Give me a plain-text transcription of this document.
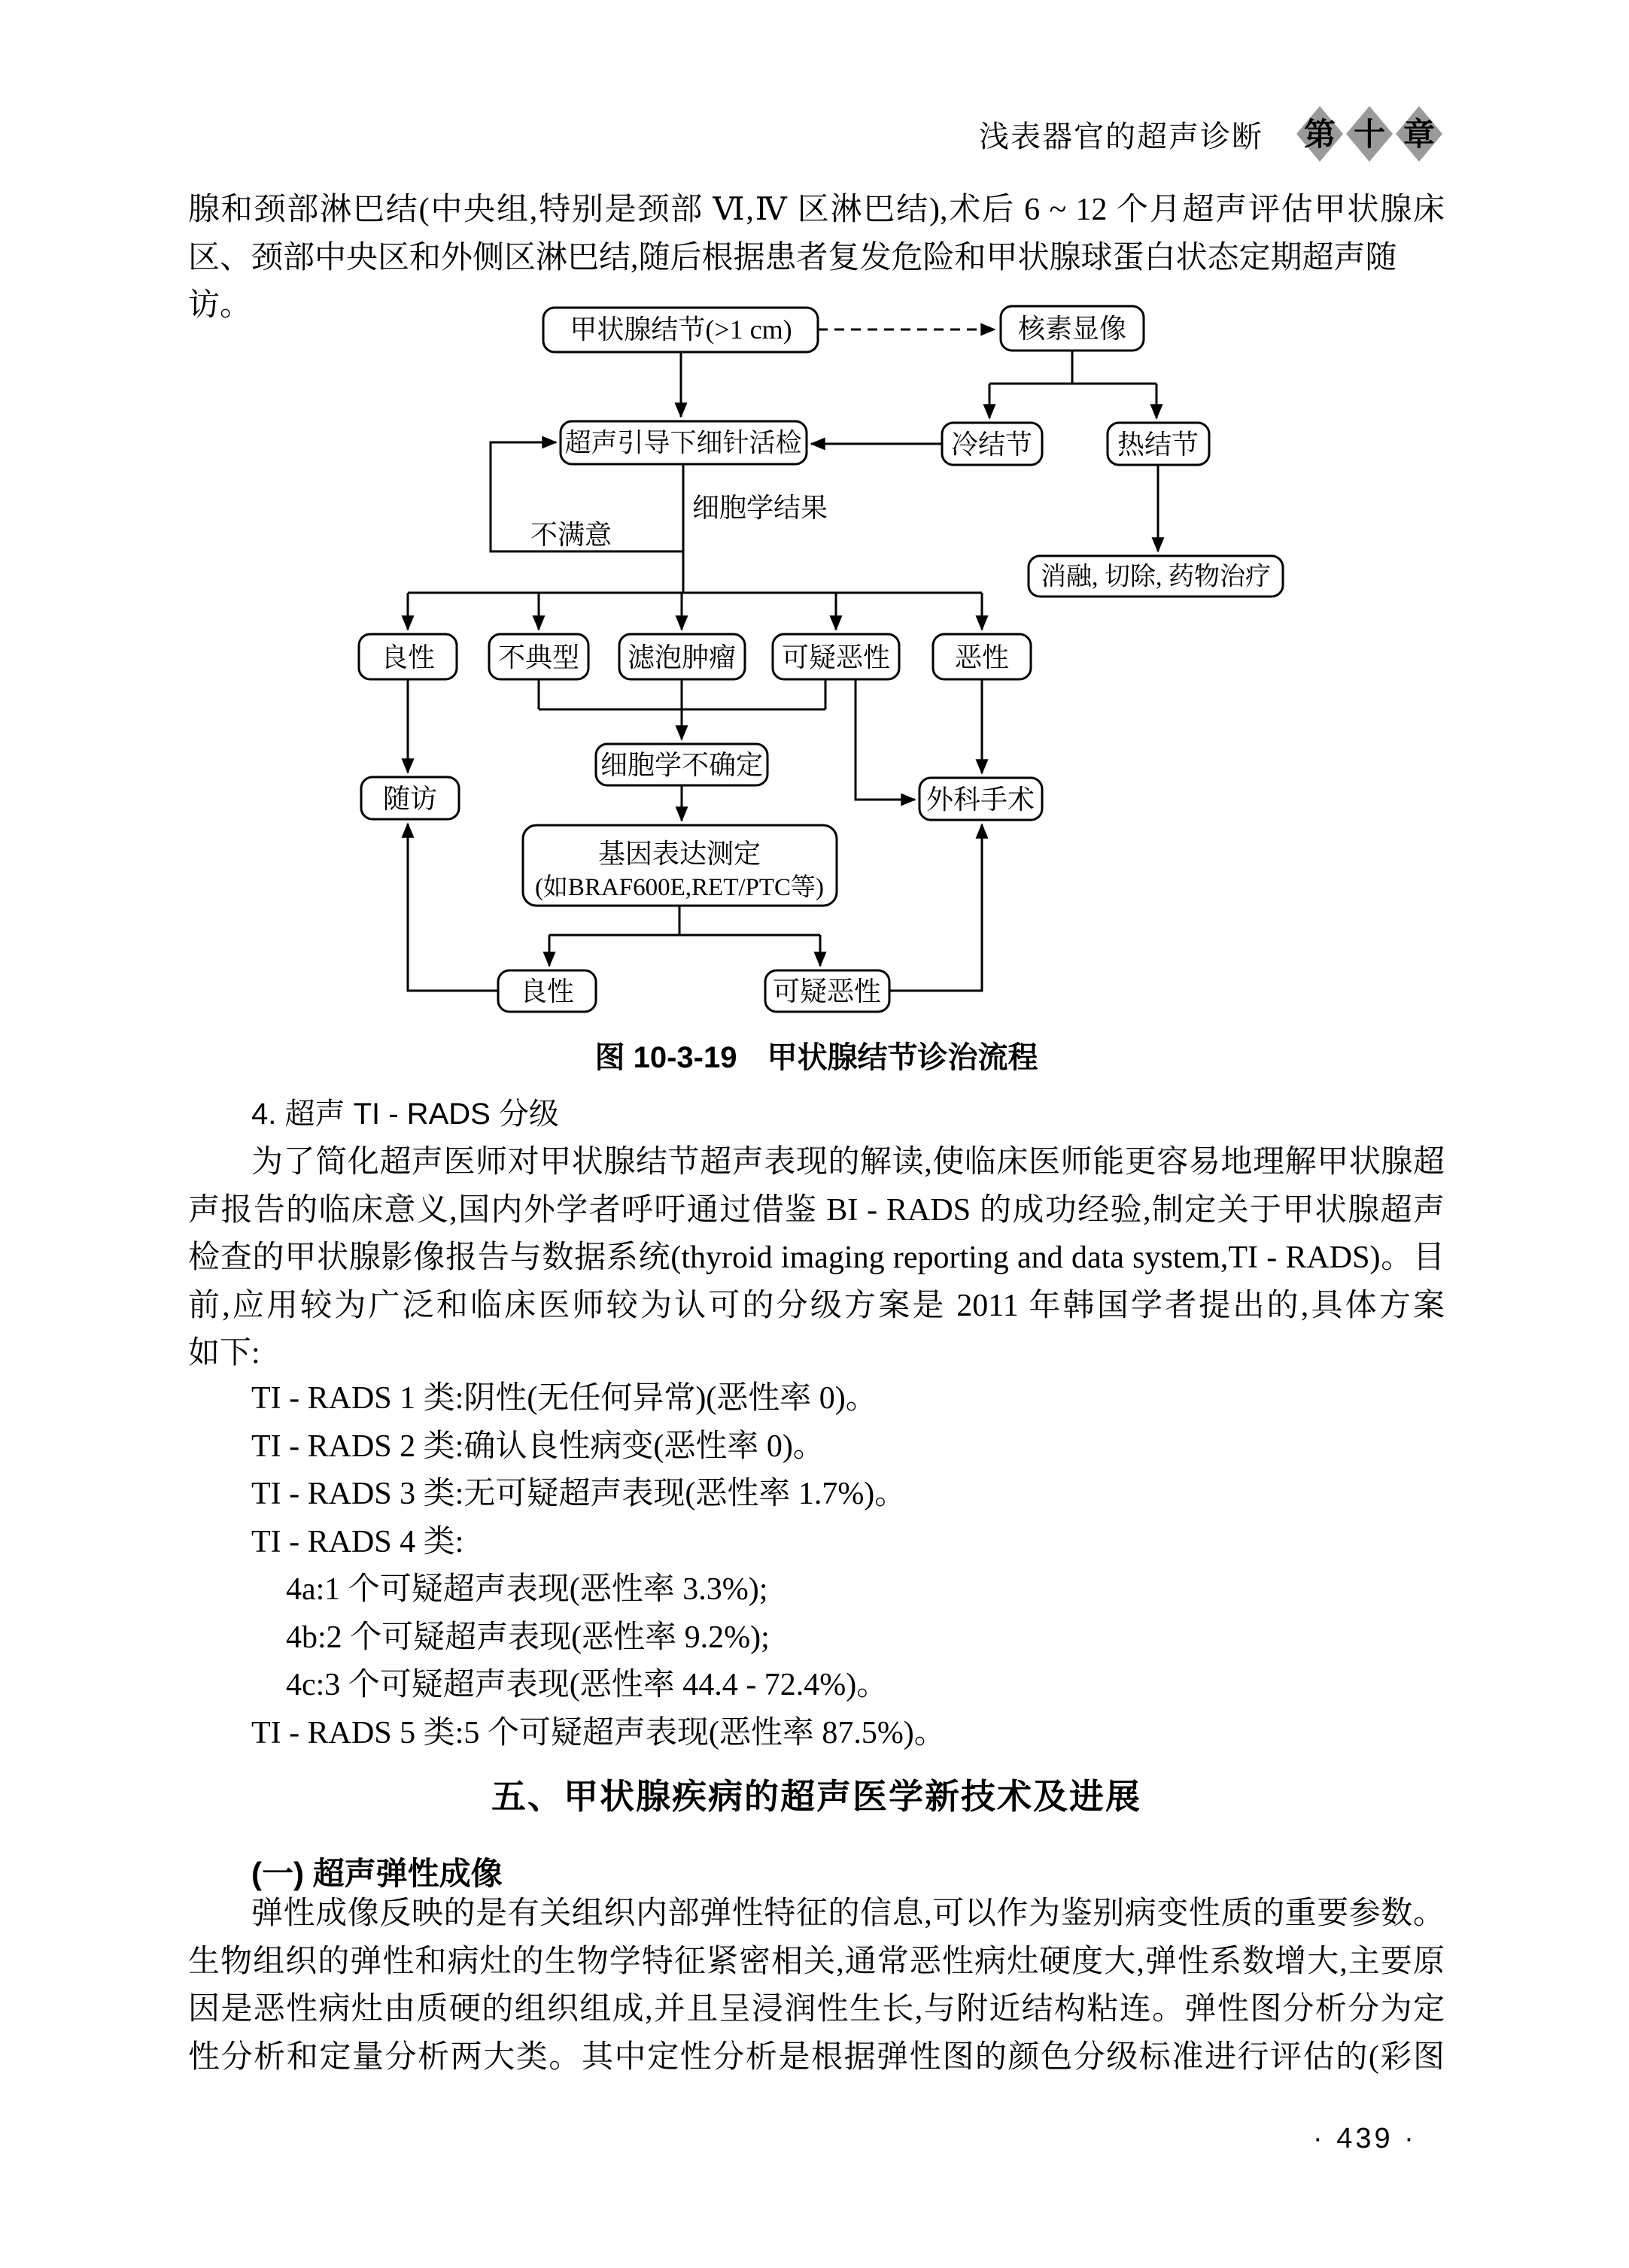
浅表器官的超声诊断 第 十 章
腺和颈部淋巴结(中央组,特别是颈部 Ⅵ,Ⅳ 区淋巴结),术后 6 ~ 12 个月超声评估甲状腺床
区、颈部中央区和外侧区淋巴结,随后根据患者复发危险和甲状腺球蛋白状态定期超声随访。
甲状腺结节(>1 cm)	核素显像
超声引导下细针活检	冷结节	热结节
消融, 切除, 药物治疗
良性 不典型 滤泡肿瘤 可疑恶性 恶性
随访
细胞学不确定
外科手术
基因表达测定
(如BRAF600E,RET/PTC等)
良性	可疑恶性
细胞学结果
不满意
图 10-3-19　甲状腺结节诊治流程
4. 超声 TI - RADS 分级
为了简化超声医师对甲状腺结节超声表现的解读,使临床医师能更容易地理解甲状腺超
声报告的临床意义,国内外学者呼吁通过借鉴 BI - RADS 的成功经验,制定关于甲状腺超声
检查的甲状腺影像报告与数据系统(thyroid imaging reporting and data system,TI - RADS)。目
前,应用较为广泛和临床医师较为认可的分级方案是 2011 年韩国学者提出的,具体方案
如下:
TI - RADS 1 类:阴性(无任何异常)(恶性率 0)。
TI - RADS 2 类:确认良性病变(恶性率 0)。
TI - RADS 3 类:无可疑超声表现(恶性率 1.7%)。
TI - RADS 4 类:
4a:1 个可疑超声表现(恶性率 3.3%);
4b:2 个可疑超声表现(恶性率 9.2%);
4c:3 个可疑超声表现(恶性率 44.4 - 72.4%)。
TI - RADS 5 类:5 个可疑超声表现(恶性率 87.5%)。
五、甲状腺疾病的超声医学新技术及进展
(一) 超声弹性成像
弹性成像反映的是有关组织内部弹性特征的信息,可以作为鉴别病变性质的重要参数。
生物组织的弹性和病灶的生物学特征紧密相关,通常恶性病灶硬度大,弹性系数增大,主要原
因是恶性病灶由质硬的组织组成,并且呈浸润性生长,与附近结构粘连。弹性图分析分为定
性分析和定量分析两大类。其中定性分析是根据弹性图的颜色分级标准进行评估的(彩图
· 439 ·
